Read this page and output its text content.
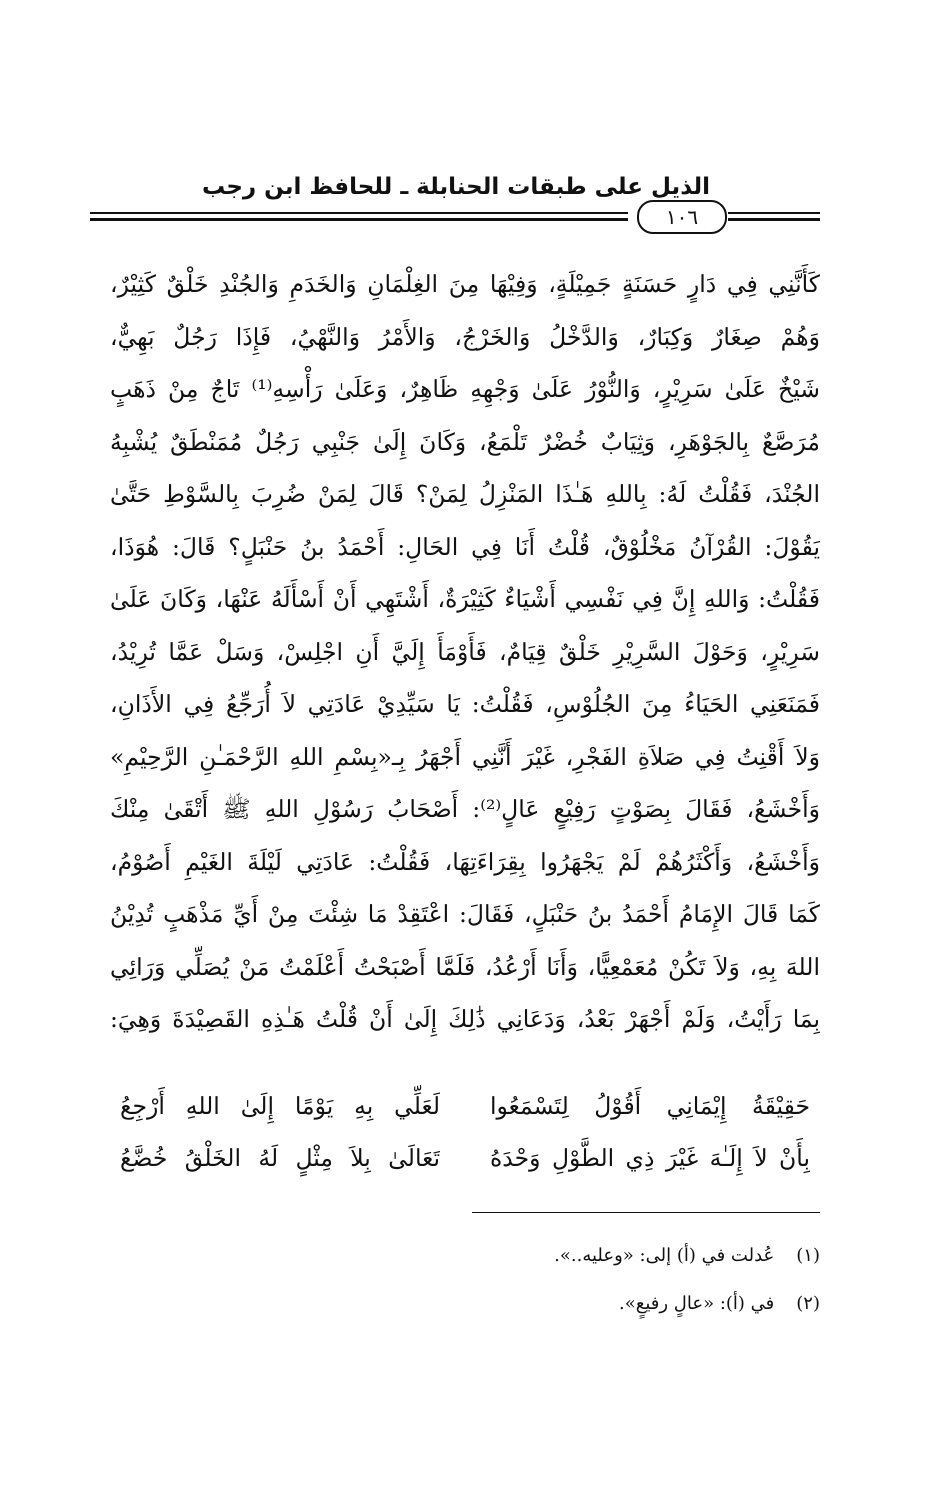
الذيل على طبقات الحنابلة ـ للحافظ ابن رجب
١٠٦
كَأَنَّنِي فِي دَارٍ حَسَنَةٍ جَمِيْلَةٍ، وَفِيْهَا مِنَ الغِلْمَانِ وَالخَدَمِ وَالجُنْدِ خَلْقٌ كَثِيْرٌ،
وَهُمْ صِغَارٌ وَكِبَارٌ، وَالدَّخْلُ وَالخَرْجُ، وَالأَمْرُ وَالنَّهْيُ، فَإِذَا رَجُلٌ بَهِيٌّ،
شَيْخٌ عَلَىٰ سَرِيْرٍ، وَالنُّوْرُ عَلَىٰ وَجْهِهِ ظَاهِرٌ، وَعَلَىٰ رَأْسِهِ⁽¹⁾ تَاجٌ مِنْ ذَهَبٍ
مُرَصَّعٌ بِالجَوْهَرِ، وَثِيَابٌ خُضْرٌ تَلْمَعُ، وَكَانَ إِلَىٰ جَنْبِي رَجُلٌ مُمَنْطَقٌ يُشْبِهُ
الجُنْدَ، فَقُلْتُ لَهُ: بِاللهِ هَـٰذَا المَنْزِلُ لِمَنْ؟ قَالَ لِمَنْ ضُرِبَ بِالسَّوْطِ حَتَّىٰ
يَقُوْلَ: القُرْآنُ مَخْلُوْقٌ، قُلْتُ أَنَا فِي الحَالِ: أَحْمَدُ بنُ حَنْبَلٍ؟ قَالَ: هُوَذَا،
فَقُلْتُ: وَاللهِ إِنَّ فِي نَفْسِي أَشْيَاءٌ كَثِيْرَةٌ، أَشْتَهِي أَنْ أَسْأَلَهُ عَنْهَا، وَكَانَ عَلَىٰ
سَرِيْرٍ، وَحَوْلَ السَّرِيْرِ خَلْقٌ قِيَامٌ، فَأَوْمَأَ إِلَيَّ أَنِ اجْلِسْ، وَسَلْ عَمَّا تُرِيْدُ،
فَمَنَعَنِي الحَيَاءُ مِنَ الجُلُوْسِ، فَقُلْتُ: يَا سَيِّدِيْ عَادَتِي لاَ أُرَجِّعُ فِي الأَذَانِ،
وَلاَ أَقْنِتُ فِي صَلاَةِ الفَجْرِ، غَيْرَ أَنَّنِي أَجْهَرُ بِـ«بِسْمِ اللهِ الرَّحْمَـٰنِ الرَّحِيْمِ»
وَأَخْشَعُ، فَقَالَ بِصَوْتٍ رَفِيْعٍ عَالٍ⁽²⁾: أَصْحَابُ رَسُوْلِ اللهِ ﷺ أَتْقَىٰ مِنْكَ
وَأَخْشَعُ، وَأَكْثَرُهُمْ لَمْ يَجْهَرُوا بِقِرَاءَتِهَا، فَقُلْتُ: عَادَتِي لَيْلَةَ الغَيْمِ أَصُوْمُ،
كَمَا قَالَ الإِمَامُ أَحْمَدُ بنُ حَنْبَلٍ، فَقَالَ: اعْتَقِدْ مَا شِئْتَ مِنْ أَيِّ مَذْهَبٍ تُدِيْنُ
اللهَ بِهِ، وَلاَ تَكُنْ مُعَمْعِيًّا، وَأَنَا أَرْعُدُ، فَلَمَّا أَصْبَحْتُ أَعْلَمْتُ مَنْ يُصَلِّي وَرَائِي
بِمَا رَأَيْتُ، وَلَمْ أَجْهَرْ بَعْدُ، وَدَعَانِي ذَٰلِكَ إِلَىٰ أَنْ قُلْتُ هَـٰذِهِ القَصِيْدَةَ وَهِيَ:
حَقِيْقَةُ إِيْمَانِي أَقُوْلُ لِتَسْمَعُوا
لَعَلِّي بِهِ يَوْمًا إِلَىٰ اللهِ أَرْجِعُ
بِأَنْ لاَ إِلَـٰهَ غَيْرَ ذِي الطَّوْلِ وَحْدَهُ
تَعَالَىٰ بِلاَ مِثْلٍ لَهُ الخَلْقُ خُضَّعُ
(١)عُدلت في (أ) إلى: «وعليه..».
(٢)في (أ): «عالٍ رفيعٍ».
